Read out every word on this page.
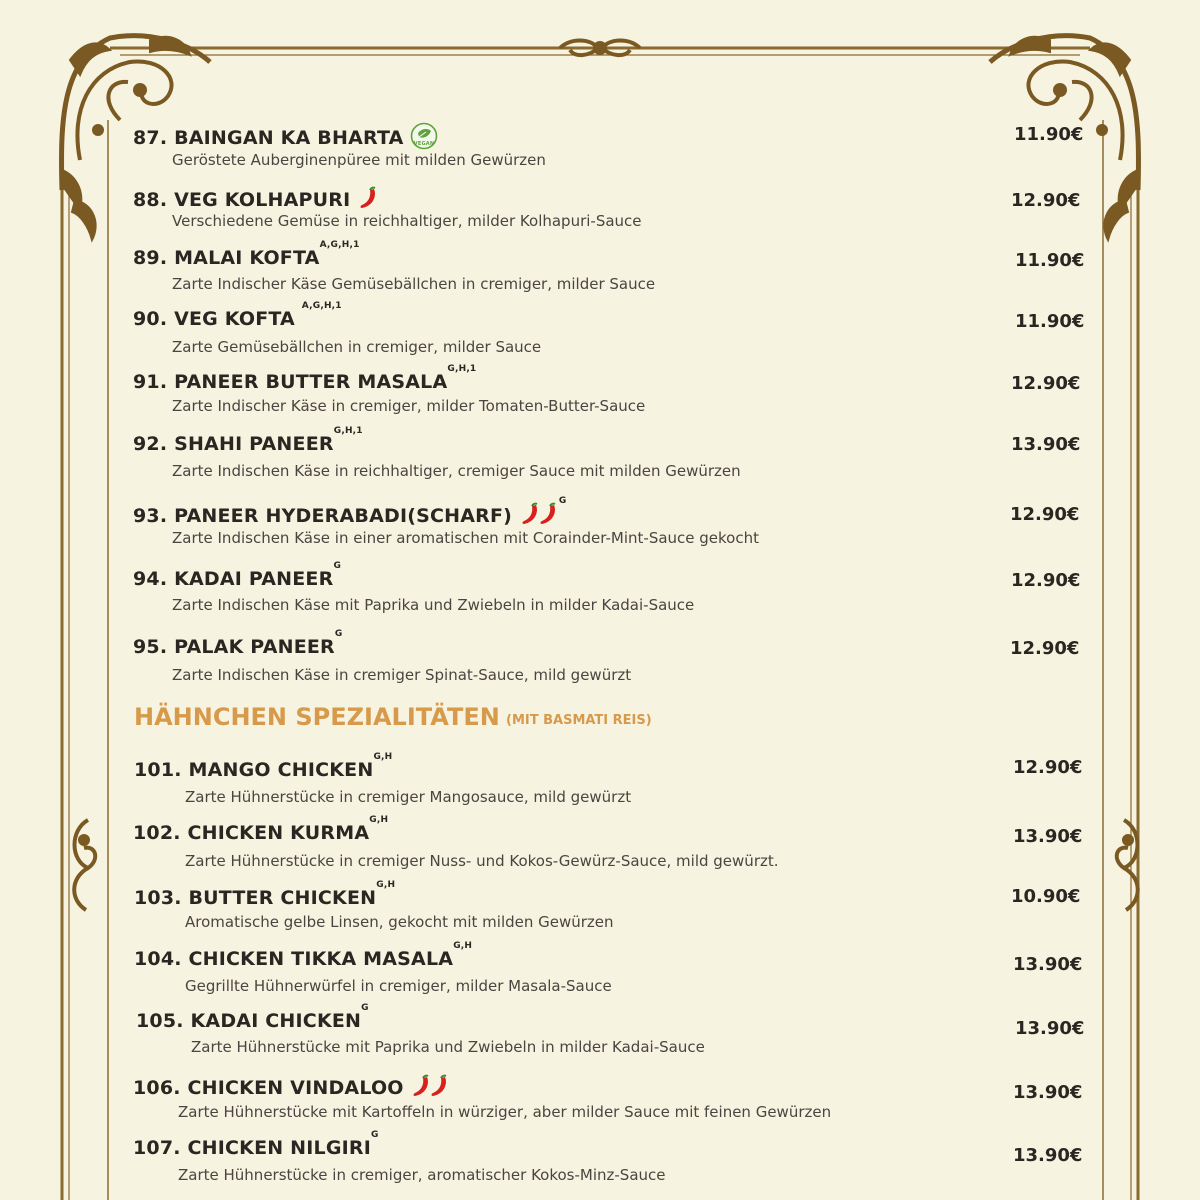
87. BAINGAN KA BHARTA VEGAN
Geröstete Auberginenpüree mit milden Gewürzen
11.90€
88. VEG KOLHAPURI
Verschiedene Gemüse in reichhaltiger, milder Kolhapuri-Sauce
12.90€
89. MALAI $KOFTA^{A,G,H,1}$
Zarte Indischer Käse Gemüsebällchen in cremiger, milder Sauce
11.90€
90. VEG KOFTA $^{A,G,H,1}$
Zarte Gemüsebällchen in cremiger, milder Sauce
11.90€
91. PANEER BUTTER $MASALA^{G,H,1}$
Zarte Indischer Käse in cremiger, milder Tomaten-Butter-Sauce
12.90€
92. SHAHI $PANEER^{G,H,1}$
Zarte Indischen Käse in reichhaltiger, cremiger Sauce mit milden Gewürzen
13.90€
93. PANEER HYDERABADI(SCHARF) $^G$
Zarte Indischen Käse in einer aromatischen mit Corainder-Mint-Sauce gekocht
12.90€
94. KADAI $PANEER^G$
Zarte Indischen Käse mit Paprika und Zwiebeln in milder Kadai-Sauce
12.90€
95. PALAK $PANEER^G$
Zarte Indischen Käse in cremiger Spinat-Sauce, mild gewürzt
12.90€
HÄHNCHEN SPEZIALITÄTEN (MIT BASMATI REIS)
101. MANGO $CHICKEN^{G,H}$
Zarte Hühnerstücke in cremiger Mangosauce, mild gewürzt
12.90€
102. CHICKEN $KURMA^{G,H}$
Zarte Hühnerstücke in cremiger Nuss- und Kokos-Gewürz-Sauce, mild gewürzt.
13.90€
103. BUTTER $CHICKEN^{G,H}$
Aromatische gelbe Linsen, gekocht mit milden Gewürzen
10.90€
104. CHICKEN TIKKA $MASALA^{G,H}$
Gegrillte Hühnerwürfel in cremiger, milder Masala-Sauce
13.90€
105. KADAI $CHICKEN^G$
Zarte Hühnerstücke mit Paprika und Zwiebeln in milder Kadai-Sauce
13.90€
106. CHICKEN VINDALOO
Zarte Hühnerstücke mit Kartoffeln in würziger, aber milder Sauce mit feinen Gewürzen
13.90€
107. CHICKEN $NILGIRI^G$
Zarte Hühnerstücke in cremiger, aromatischer Kokos-Minz-Sauce
13.90€
